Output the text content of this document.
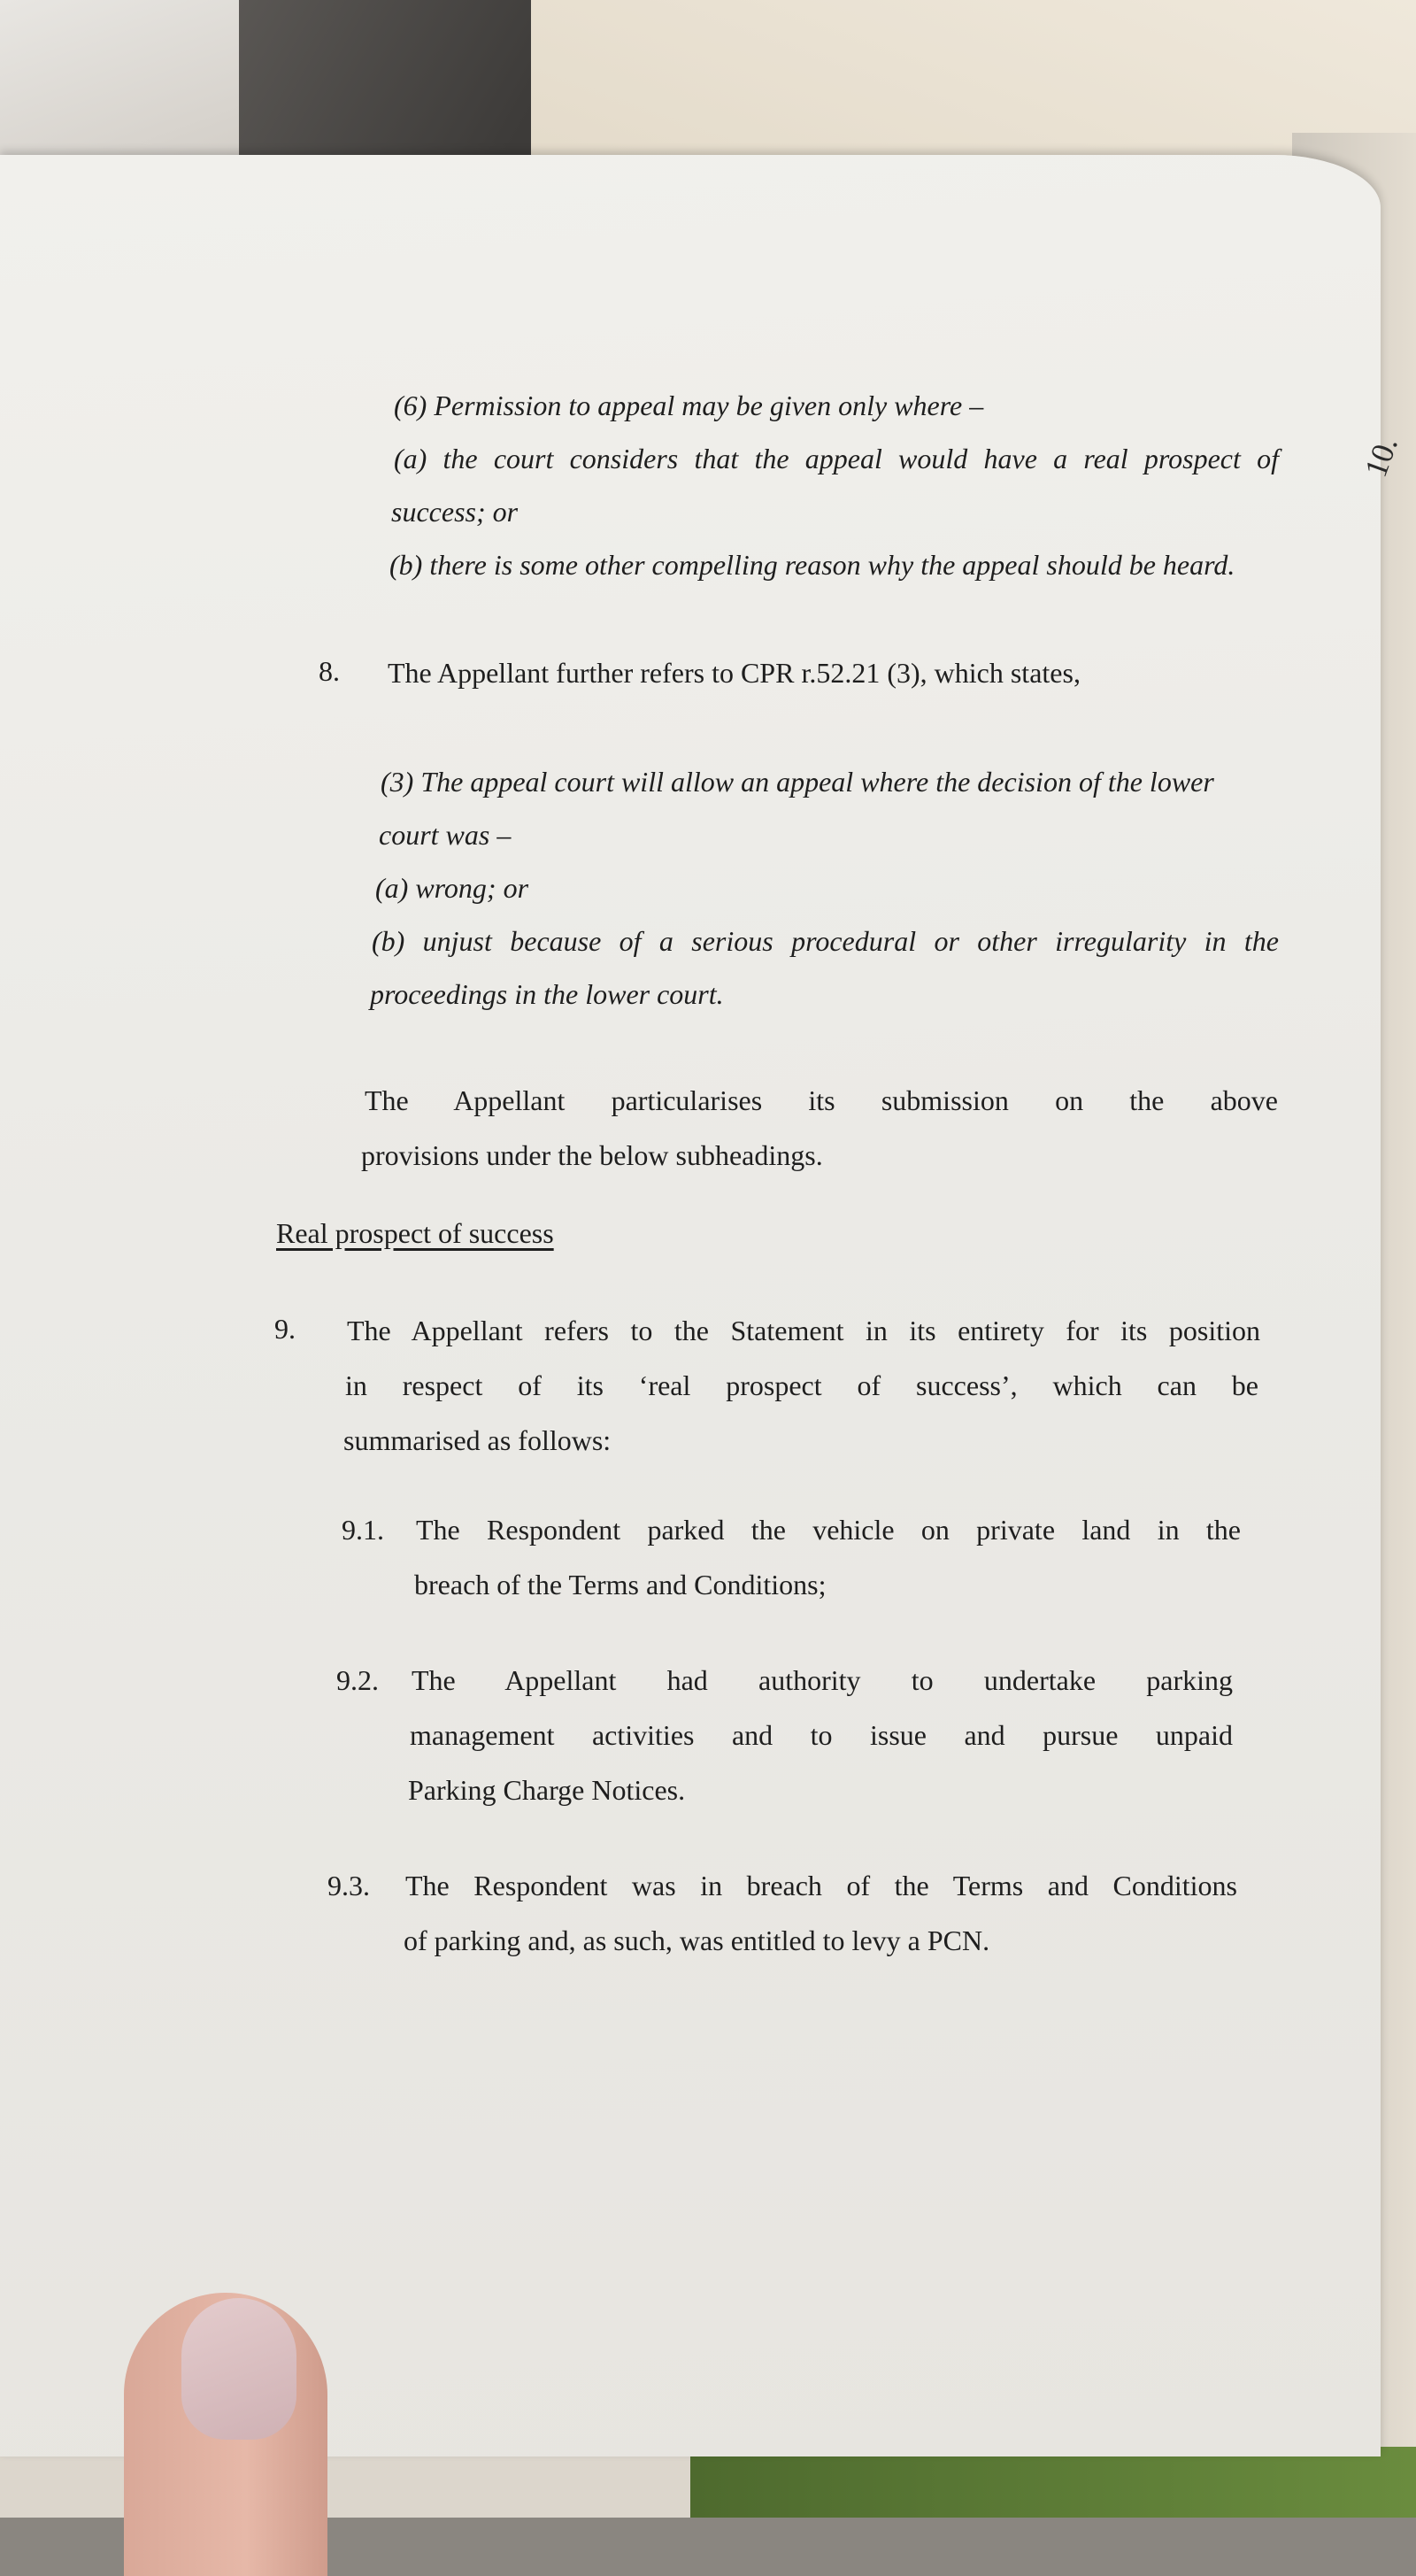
10.
(6) Permission to appeal may be given only where –
(a) the court considers that the appeal would have a real prospect of
success; or
(b) there is some other compelling reason why the appeal should be heard.
8. The Appellant further refers to CPR r.52.21 (3), which states,
(3) The appeal court will allow an appeal where the decision of the lower
court was –
(a) wrong; or
(b) unjust because of a serious procedural or other irregularity in the
proceedings in the lower court.
The Appellant particularises its submission on the above
provisions under the below subheadings.
Real prospect of success
9. The Appellant refers to the Statement in its entirety for its position
in respect of its ‘real prospect of success’, which can be
summarised as follows:
9.1. The Respondent parked the vehicle on private land in the
breach of the Terms and Conditions;
9.2. The Appellant had authority to undertake parking
management activities and to issue and pursue unpaid
Parking Charge Notices.
9.3. The Respondent was in breach of the Terms and Conditions
of parking and, as such, was entitled to levy a PCN.
